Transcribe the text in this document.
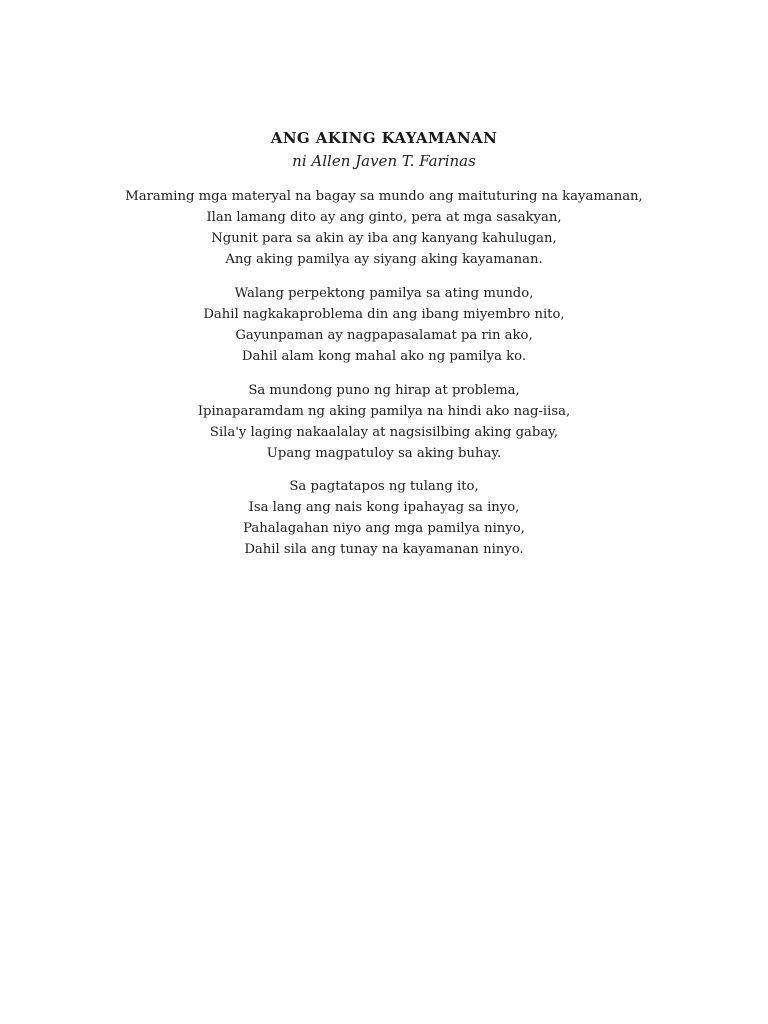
ANG AKING KAYAMANAN
ni Allen Javen T. Farinas
Maraming mga materyal na bagay sa mundo ang maituturing na kayamanan,
Ilan lamang dito ay ang ginto, pera at mga sasakyan,
Ngunit para sa akin ay iba ang kanyang kahulugan,
Ang aking pamilya ay siyang aking kayamanan.
Walang perpektong pamilya sa ating mundo,
Dahil nagkakaproblema din ang ibang miyembro nito,
Gayunpaman ay nagpapasalamat pa rin ako,
Dahil alam kong mahal ako ng pamilya ko.
Sa mundong puno ng hirap at problema,
Ipinaparamdam ng aking pamilya na hindi ako nag-iisa,
Sila'y laging nakaalalay at nagsisilbing aking gabay,
Upang magpatuloy sa aking buhay.
Sa pagtatapos ng tulang ito,
Isa lang ang nais kong ipahayag sa inyo,
Pahalagahan niyo ang mga pamilya ninyo,
Dahil sila ang tunay na kayamanan ninyo.
